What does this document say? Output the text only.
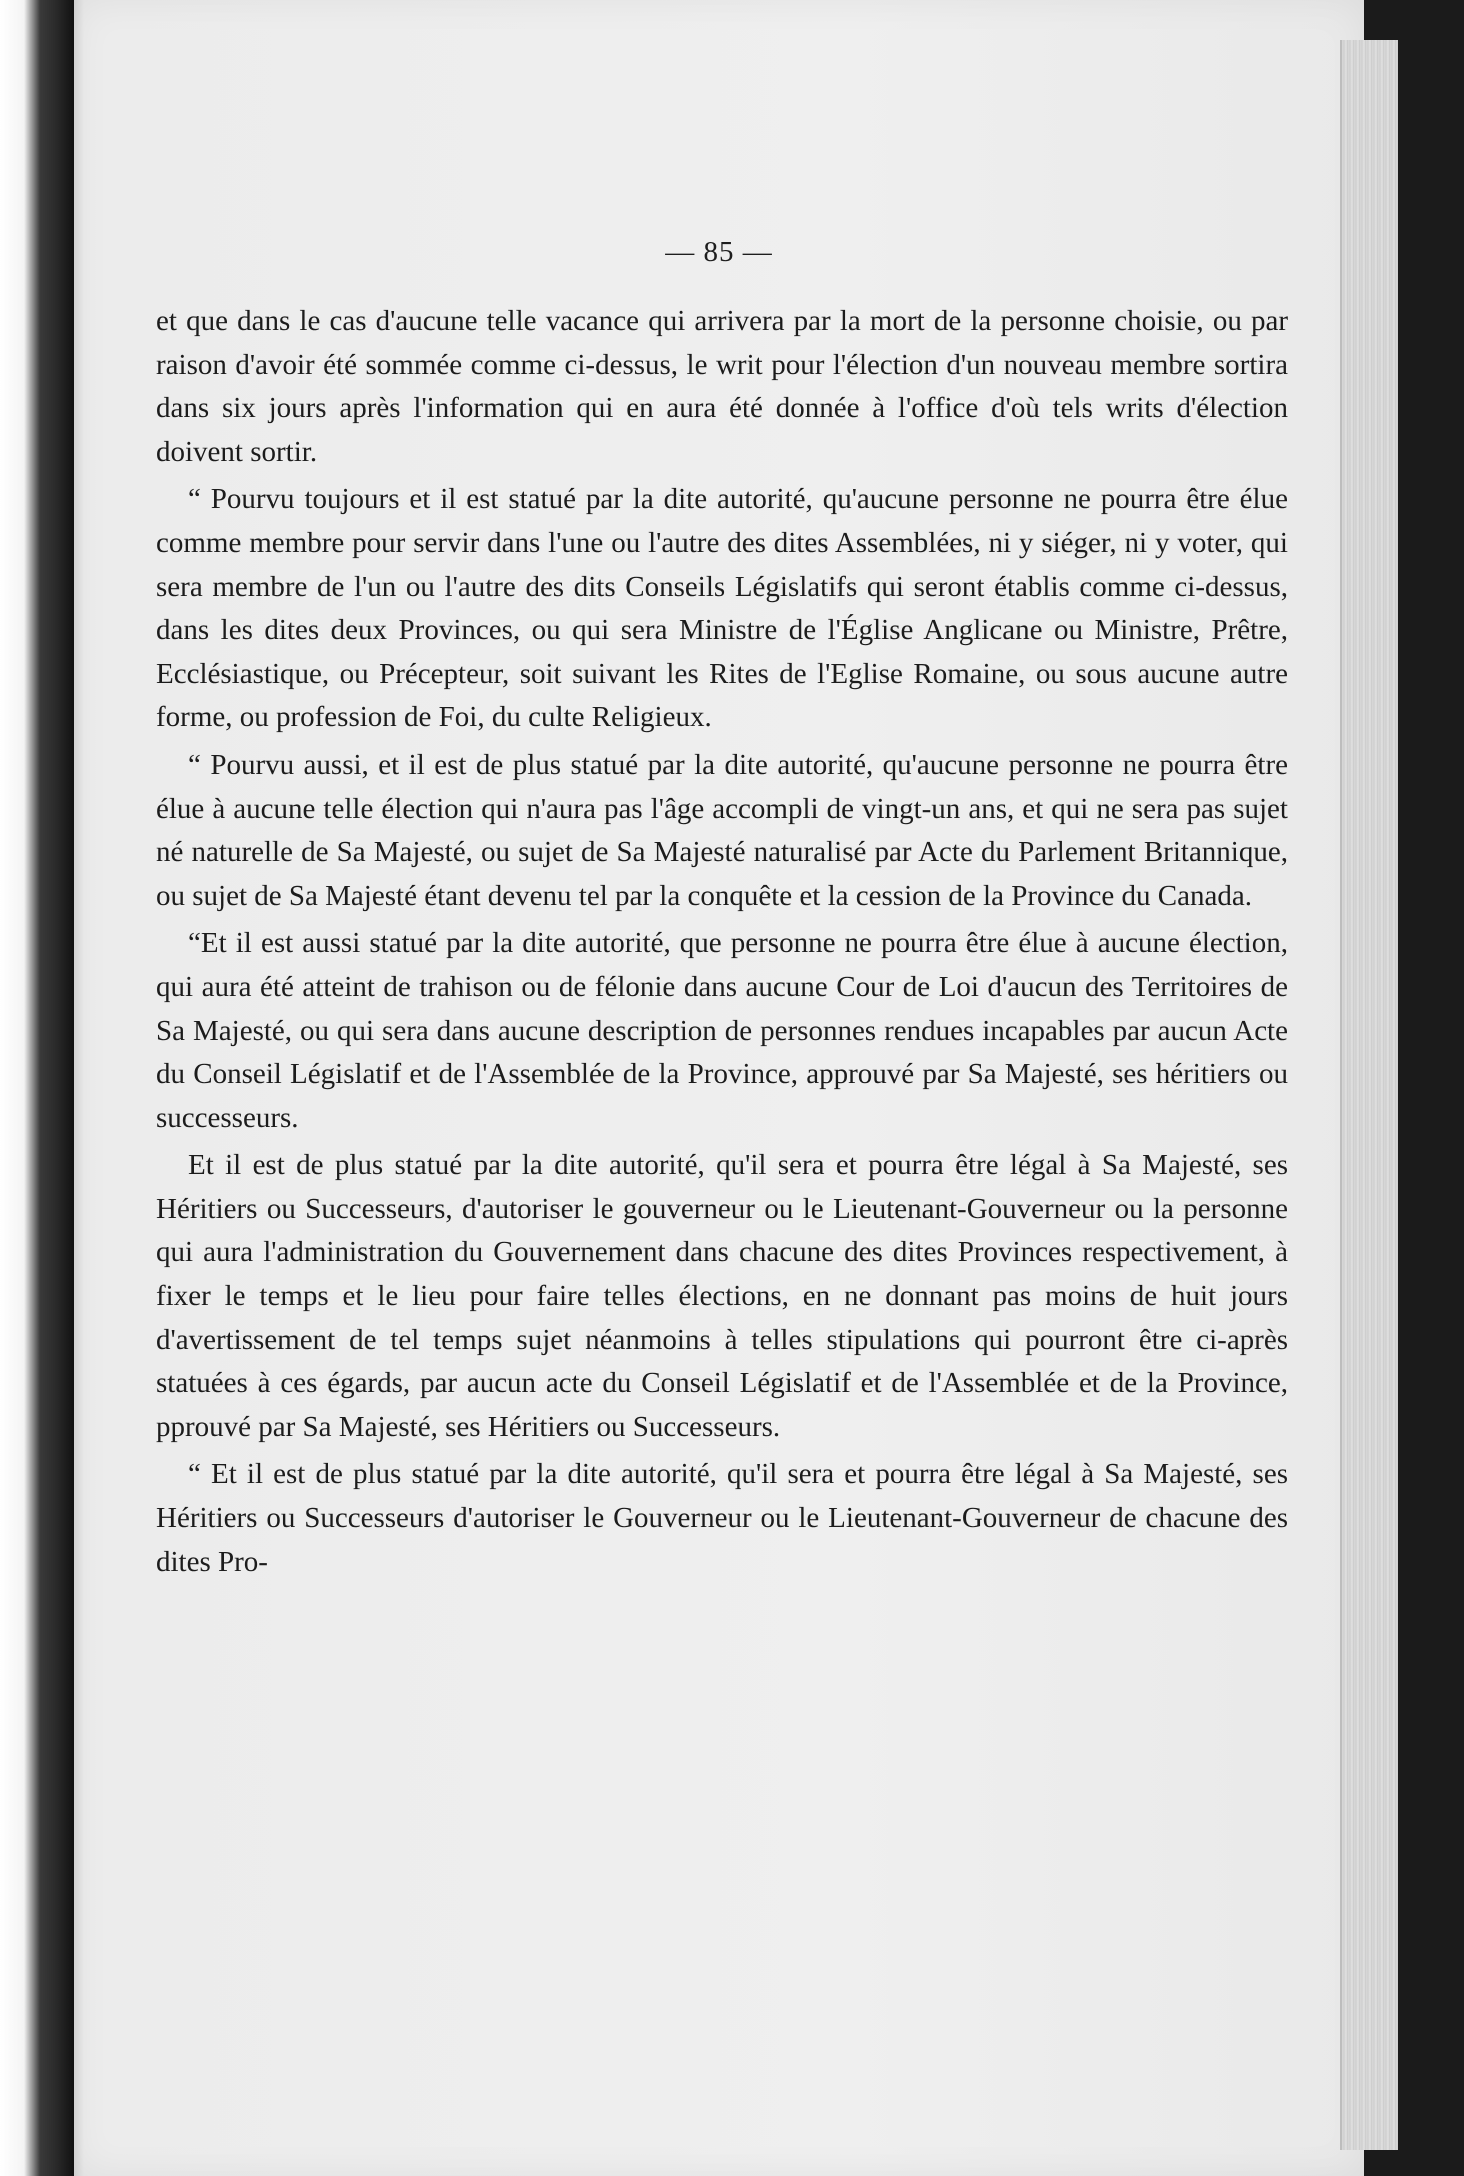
— 85 —

et que dans le cas d'aucune telle vacance qui arrivera par la mort de la personne choisie, ou par raison d'avoir été sommée comme ci-dessus, le writ pour l'élection d'un nouveau membre sortira dans six jours après l'information qui en aura été donnée à l'office d'où tels writs d'élection doivent sortir.

“ Pourvu toujours et il est statué par la dite autorité, qu'aucune personne ne pourra être élue comme membre pour servir dans l'une ou l'autre des dites Assemblées, ni y siéger, ni y voter, qui sera membre de l'un ou l'autre des dits Conseils Législatifs qui seront établis comme ci-dessus, dans les dites deux Provinces, ou qui sera Ministre de l'Église Anglicane ou Ministre, Prêtre, Ecclésiastique, ou Précepteur, soit suivant les Rites de l'Eglise Romaine, ou sous aucune autre forme, ou profession de Foi, du culte Religieux.

“ Pourvu aussi, et il est de plus statué par la dite autorité, qu'aucune personne ne pourra être élue à aucune telle élection qui n'aura pas l'âge accompli de vingt-un ans, et qui ne sera pas sujet né naturelle de Sa Majesté, ou sujet de Sa Majesté naturalisé par Acte du Parlement Britannique, ou sujet de Sa Majesté étant devenu tel par la conquête et la cession de la Province du Canada.

“Et il est aussi statué par la dite autorité, que personne ne pourra être élue à aucune élection, qui aura été atteint de trahison ou de félonie dans aucune Cour de Loi d'aucun des Territoires de Sa Majesté, ou qui sera dans aucune description de personnes rendues incapables par aucun Acte du Conseil Législatif et de l'Assemblée de la Province, approuvé par Sa Majesté, ses héritiers ou successeurs.

Et il est de plus statué par la dite autorité, qu'il sera et pourra être légal à Sa Majesté, ses Héritiers ou Successeurs, d'autoriser le gouverneur ou le Lieutenant-Gouverneur ou la personne qui aura l'administration du Gouvernement dans chacune des dites Provinces respectivement, à fixer le temps et le lieu pour faire telles élections, en ne donnant pas moins de huit jours d'avertissement de tel temps sujet néanmoins à telles stipulations qui pourront être ci-après statuées à ces égards, par aucun acte du Conseil Législatif et de l'Assemblée et de la Province, pprouvé par Sa Majesté, ses Héritiers ou Successeurs.

“ Et il est de plus statué par la dite autorité, qu'il sera et pourra être légal à Sa Majesté, ses Héritiers ou Successeurs d'autoriser le Gouverneur ou le Lieutenant-Gouverneur de chacune des dites Pro-
